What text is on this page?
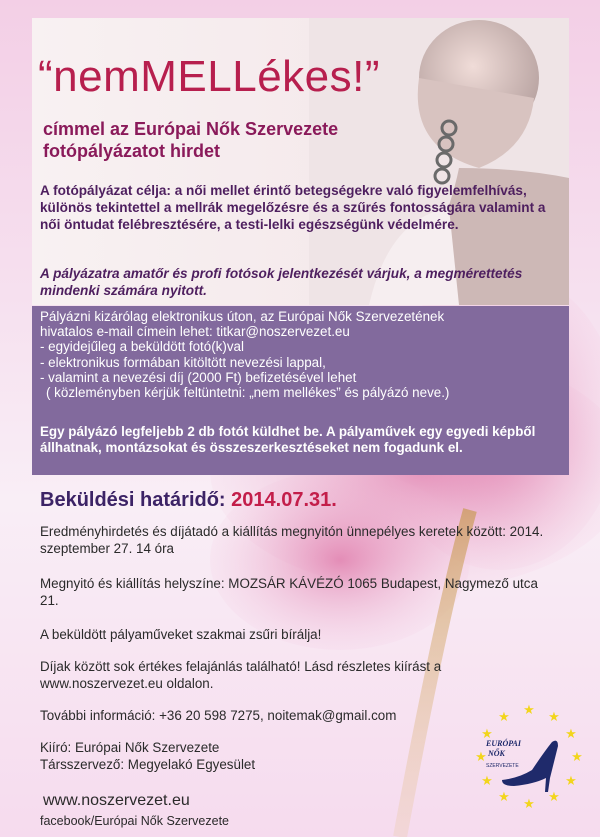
“nemMELLékes!”

címmel az Európai Nők Szervezete
fotópályázatot hirdet

A fotópályázat célja: a női mellet érintő betegségekre való figyelemfelhívás, különös tekintettel a mellrák megelőzésre és a szűrés fontosságára valamint a női öntudat felébresztésére, a testi-lelki egészségünk védelmére.

A pályázatra amatőr és profi fotósok jelentkezését várjuk, a megmérettetés mindenki számára nyitott.

Pályázni kizárólag elektronikus úton, az Európai Nők Szervezetének
hivatalos e-mail címein lehet: titkar@noszervezet.eu
- egyidejűleg a beküldött fotó(k)val
- elektronikus formában kitöltött nevezési lappal,
- valamint a nevezési díj (2000 Ft) befizetésével lehet
( közleményben kérjük feltüntetni: „nem mellékes” és pályázó neve.)

Egy pályázó legfeljebb 2 db fotót küldhet be. A pályaművek egy egyedi képből állhatnak, montázsokat és összeszerkesztéseket nem fogadunk el.

Beküldési határidő: 2014.07.31.

Eredményhirdetés és díjátadó a kiállítás megnyitón ünnepélyes keretek között: 2014. szeptember 27. 14 óra

Megnyitó és kiállítás helyszíne: MOZSÁR KÁVÉZÓ 1065 Budapest, Nagymező utca 21.

A beküldött pályaműveket szakmai zsűri bírálja!

Díjak között sok értékes felajánlás található! Lásd részletes kiírást a www.noszervezet.eu oldalon.

További információ: +36 20 598 7275, noitemak@gmail.com

Kiíró: Európai Nők Szervezete

Társszervező: Megyelakó Egyesület

www.noszervezet.eu

facebook/Európai Nők Szervezete

★ ★
★
★
★
★
★
★
★
★
★
★
EURÓPAI
NŐK
SZERVEZETE
